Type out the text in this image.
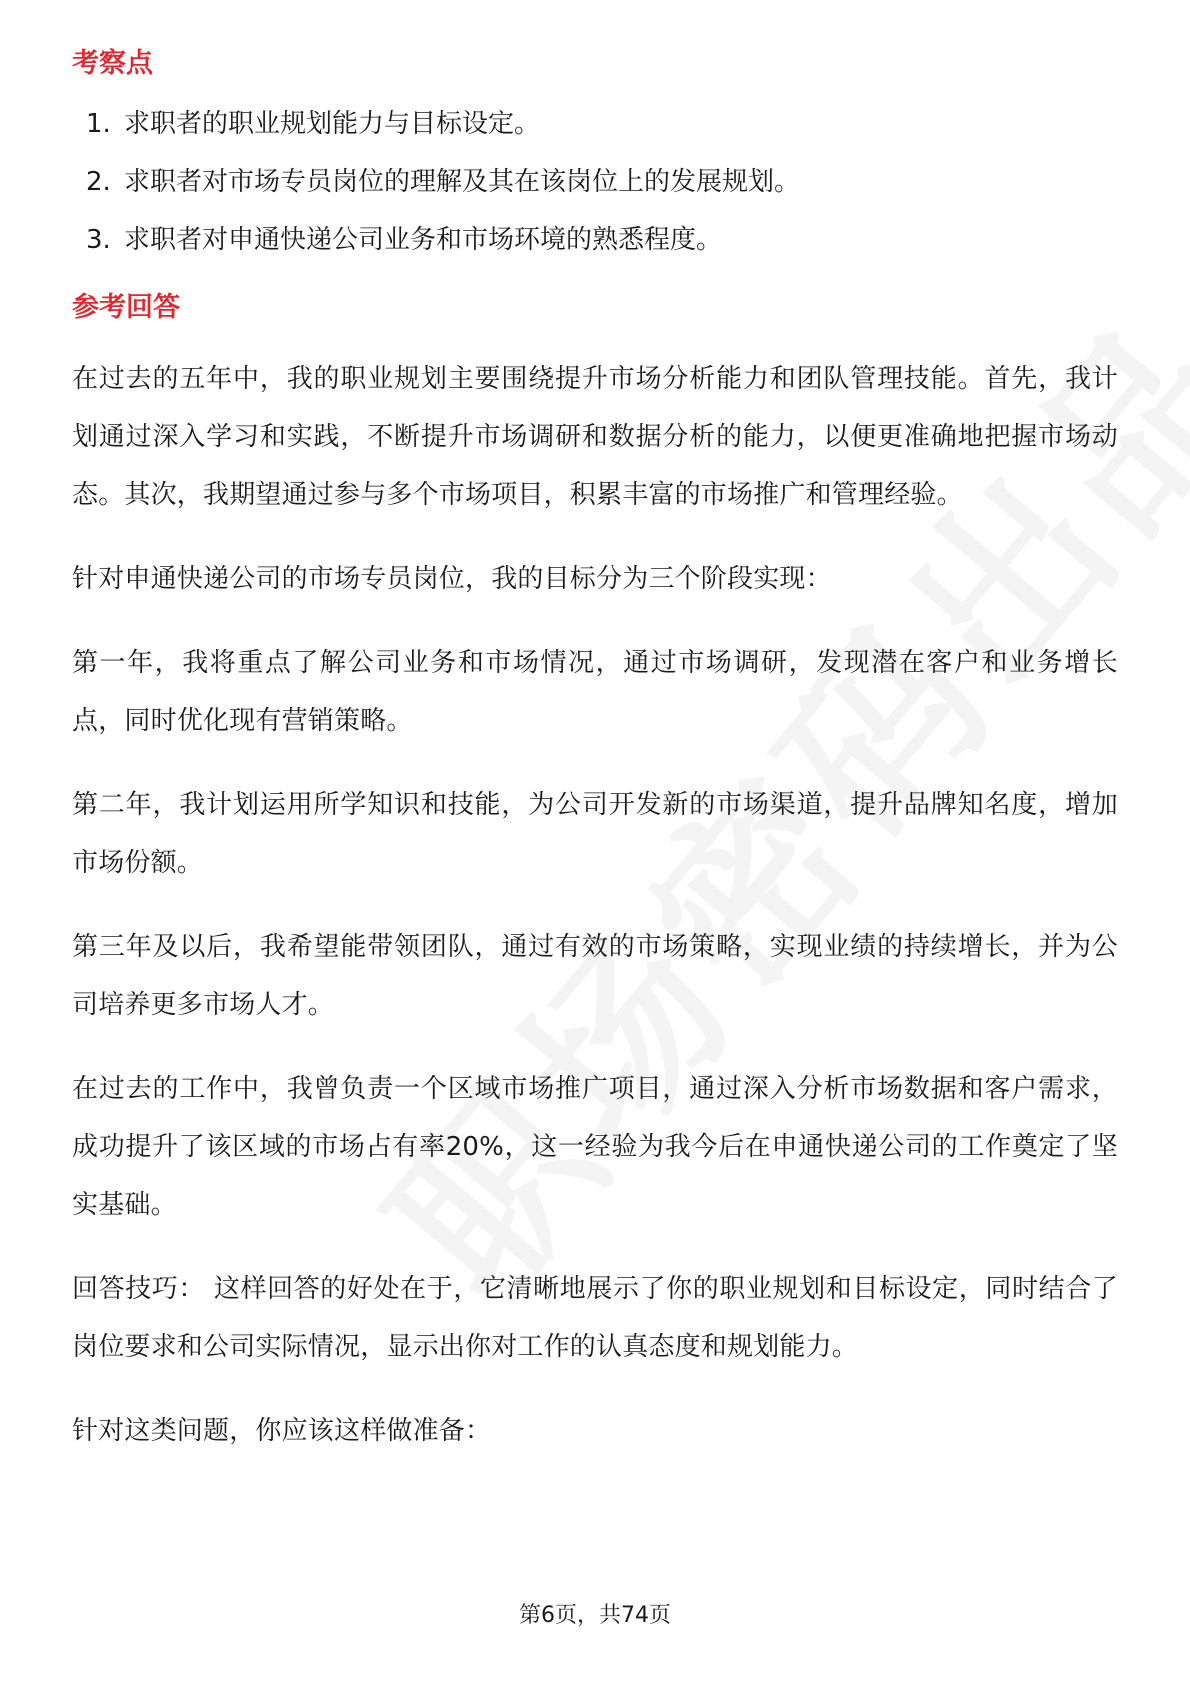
考察点
1. 求职者的职业规划能力与目标设定。
2. 求职者对市场专员岗位的理解及其在该岗位上的发展规划。
3. 求职者对申通快递公司业务和市场环境的熟悉程度。
参考回答

在过去的五年中，我的职业规划主要围绕提升市场分析能力和团队管理技能。首先，我计划通过深入学习和实践，不断提升市场调研和数据分析的能力，以便更准确地把握市场动态。其次，我期望通过参与多个市场项目，积累丰富的市场推广和管理经验。

针对申通快递公司的市场专员岗位，我的目标分为三个阶段实现：

第一年，我将重点了解公司业务和市场情况，通过市场调研，发现潜在客户和业务增长点，同时优化现有营销策略。

第二年，我计划运用所学知识和技能，为公司开发新的市场渠道，提升品牌知名度，增加市场份额。

第三年及以后，我希望能带领团队，通过有效的市场策略，实现业绩的持续增长，并为公司培养更多市场人才。

在过去的工作中，我曾负责一个区域市场推广项目，通过深入分析市场数据和客户需求，成功提升了该区域的市场占有率20%，这一经验为我今后在申通快递公司的工作奠定了坚实基础。

回答技巧： 这样回答的好处在于，它清晰地展示了你的职业规划和目标设定，同时结合了岗位要求和公司实际情况，显示出你对工作的认真态度和规划能力。

针对这类问题，你应该这样做准备：

第6页，共74页
